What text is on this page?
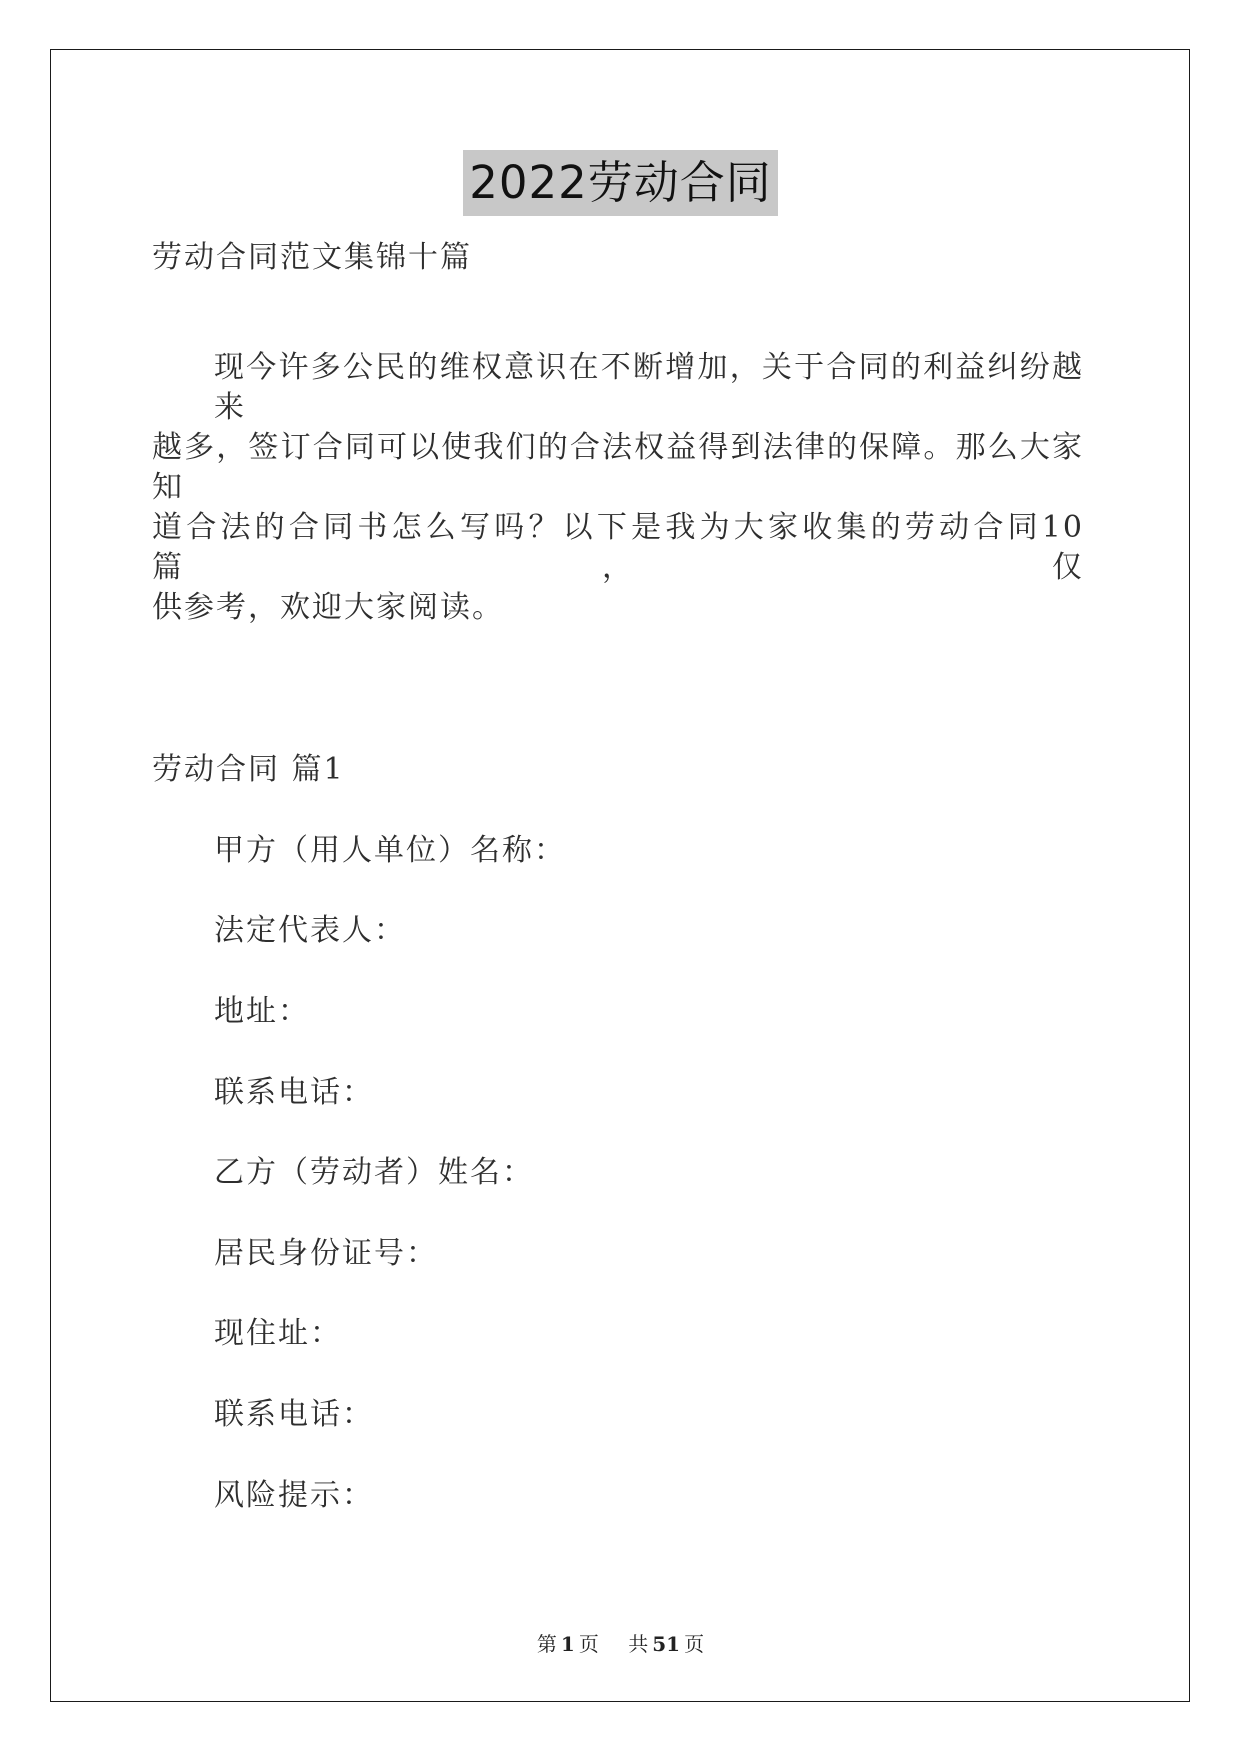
2022劳动合同
劳动合同范文集锦十篇
现今许多公民的维权意识在不断增加，关于合同的利益纠纷越来
越多，签订合同可以使我们的合法权益得到法律的保障。那么大家知
道合法的合同书怎么写吗？以下是我为大家收集的劳动合同10篇，仅
供参考，欢迎大家阅读。
劳动合同 篇1
甲方（用人单位）名称：
法定代表人：
地址：
联系电话：
乙方（劳动者）姓名：
居民身份证号：
现住址：
联系电话：
风险提示：
第 1 页 共 51 页
